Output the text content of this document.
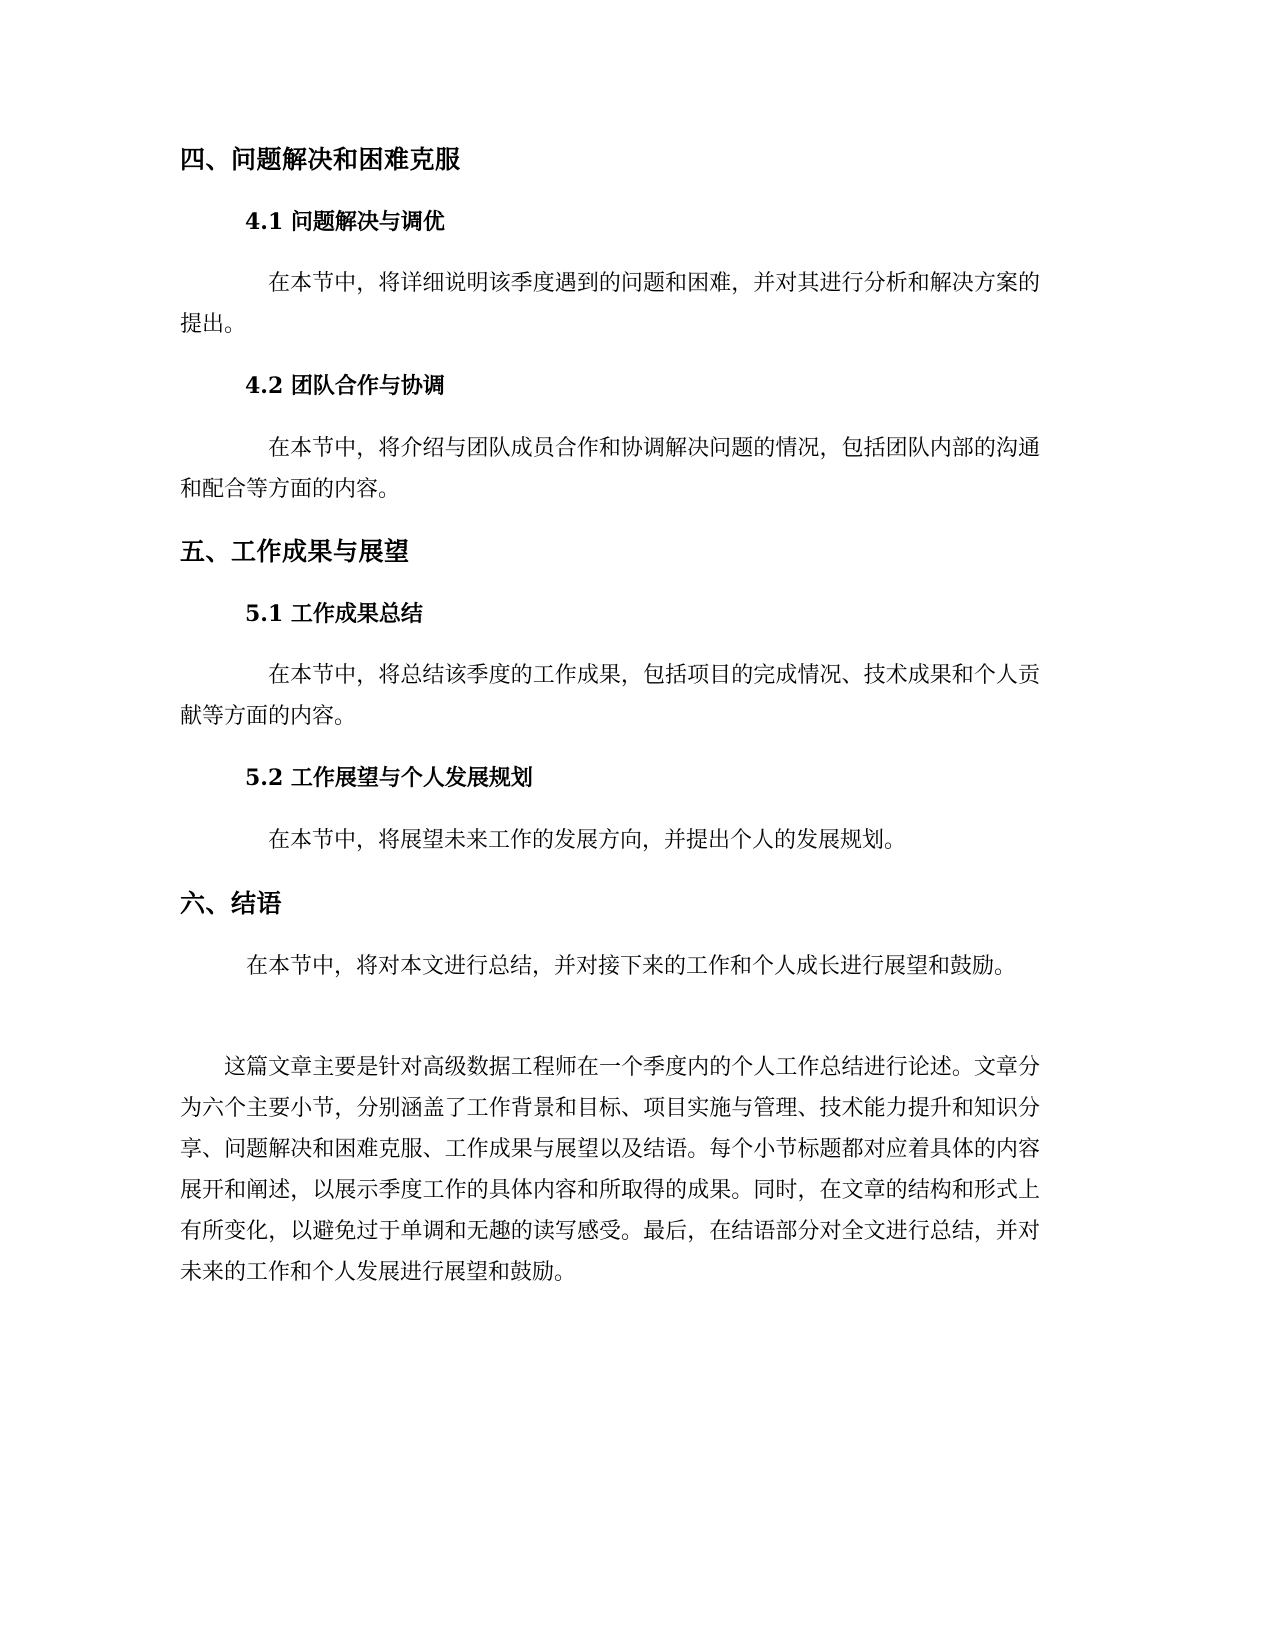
四、问题解决和困难克服
4.1 问题解决与调优

在本节中，将详细说明该季度遇到的问题和困难，并对其进行分析和解决方案的提出。

4.2 团队合作与协调

在本节中，将介绍与团队成员合作和协调解决问题的情况，包括团队内部的沟通和配合等方面的内容。

五、工作成果与展望
5.1 工作成果总结

在本节中，将总结该季度的工作成果，包括项目的完成情况、技术成果和个人贡献等方面的内容。

5.2 工作展望与个人发展规划

在本节中，将展望未来工作的发展方向，并提出个人的发展规划。

六、结语

在本节中，将对本文进行总结，并对接下来的工作和个人成长进行展望和鼓励。

这篇文章主要是针对高级数据工程师在一个季度内的个人工作总结进行论述。文章分为六个主要小节，分别涵盖了工作背景和目标、项目实施与管理、技术能力提升和知识分享、问题解决和困难克服、工作成果与展望以及结语。每个小节标题都对应着具体的内容展开和阐述，以展示季度工作的具体内容和所取得的成果。同时，在文章的结构和形式上有所变化，以避免过于单调和无趣的读写感受。最后，在结语部分对全文进行总结，并对未来的工作和个人发展进行展望和鼓励。
